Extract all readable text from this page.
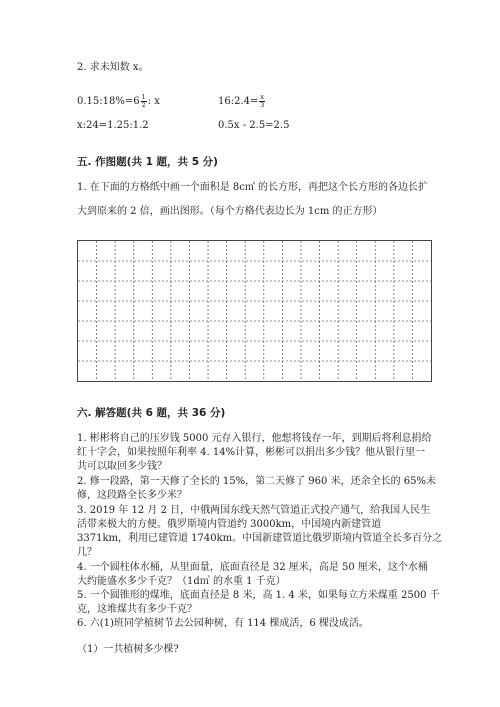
2. 求未知数 x。
0.15:18%=6 $\frac{1}{2}$ : x	16:2.4= $\frac{x}{3}$
x:24=1.25:1.2	0.5x - 2.5=2.5
五. 作图题(共 1 题，共 5 分)
1. 在下面的方格纸中画一个面积是 8c㎡ 的长方形，再把这个长方形的各边长扩
大到原来的 2 倍，画出图形。（每个方格代表边长为 1cm 的正方形）
六. 解答题(共 6 题，共 36 分)
1. 彬彬将自己的压岁钱 5000 元存入银行，他想将钱存一年，到期后将利息捐给
红十字会，如果按照年利率 4. 14%计算，彬彬可以捐出多少钱？他从银行里一
共可以取回多少钱？
2. 修一段路，第一天修了全长的 15%，第二天修了 960 米，还余全长的 65%未
修，这段路全长多少米？
3. 2019 年 12 月 2 日，中俄两国东线天然气管道正式投产通气，给我国人民生
活带来极大的方便。俄罗斯境内管道约 3000km，中国境内新建管道
3371km，利用已建管道 1740km。中国新建管道比俄罗斯境内管道全长多百分之
几？
4. 一个圆柱体水桶，从里面量，底面直径是 32 厘米，高是 50 厘米，这个水桶
大约能盛水多少千克？（1d㎥ 的水重 1 千克）
5. 一个圆锥形的煤堆，底面直径是 8 米，高 1. 4 米，如果每立方米煤重 2500 千
克，这堆煤共有多少千克？
6. 六(1)班同学植树节去公园种树，有 114 棵成活，6 棵没成活。
（1）一共植树多少棵?
